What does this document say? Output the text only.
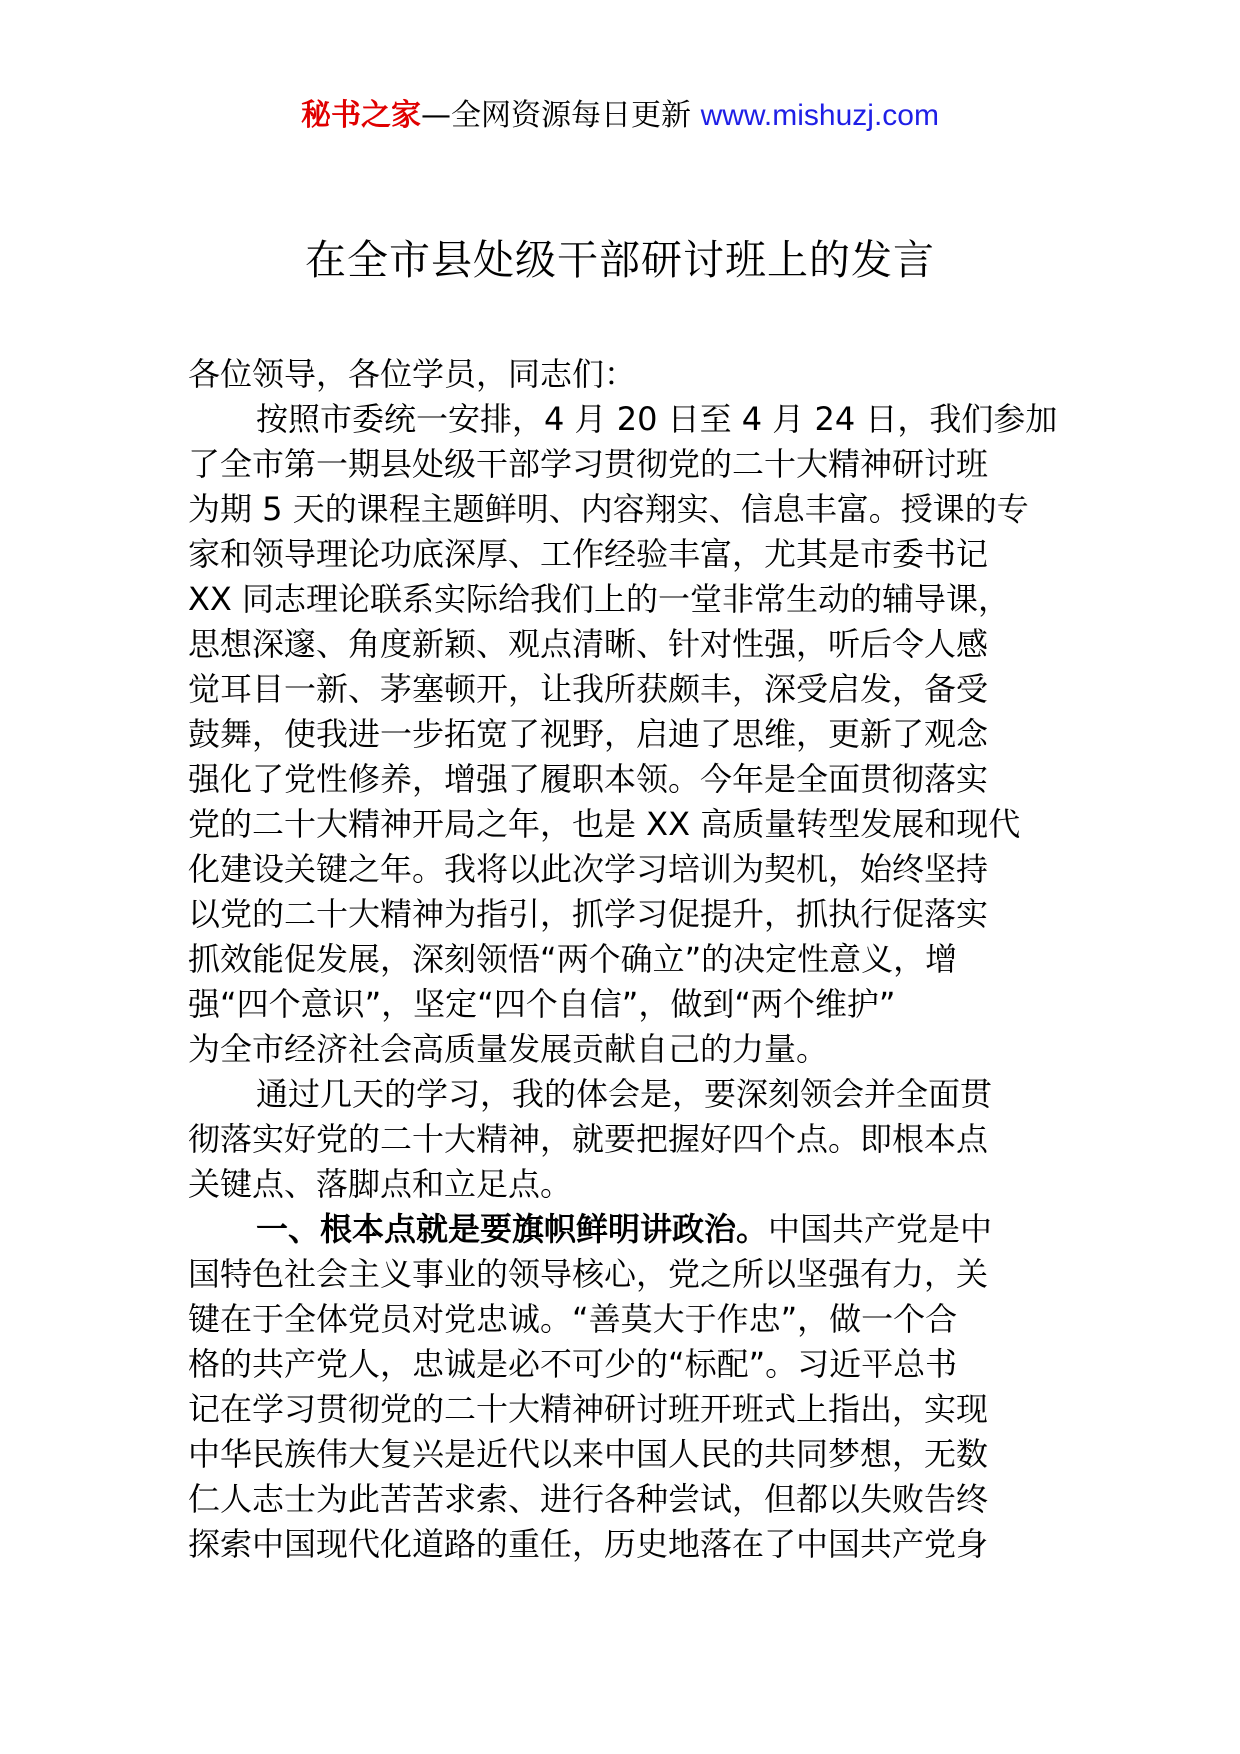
秘书之家—全网资源每日更新 www.mishuzj.com
在全市县处级干部研讨班上的发言
各位领导，各位学员，同志们：
按照市委统一安排，4 月 20 日至 4 月 24 日，我们参加
了全市第一期县处级干部学习贯彻党的二十大精神研讨班
为期 5 天的课程主题鲜明、内容翔实、信息丰富。授课的专
家和领导理论功底深厚、工作经验丰富，尤其是市委书记
XX 同志理论联系实际给我们上的一堂非常生动的辅导课，
思想深邃、角度新颖、观点清晰、针对性强，听后令人感
觉耳目一新、茅塞顿开，让我所获颇丰，深受启发，备受
鼓舞，使我进一步拓宽了视野，启迪了思维，更新了观念
强化了党性修养，增强了履职本领。今年是全面贯彻落实
党的二十大精神开局之年，也是 XX 高质量转型发展和现代
化建设关键之年。我将以此次学习培训为契机，始终坚持
以党的二十大精神为指引，抓学习促提升，抓执行促落实
抓效能促发展，深刻领悟“两个确立”的决定性意义，增
强“四个意识”，坚定“四个自信”，做到“两个维护”
为全市经济社会高质量发展贡献自己的力量。
通过几天的学习，我的体会是，要深刻领会并全面贯
彻落实好党的二十大精神，就要把握好四个点。即根本点
关键点、落脚点和立足点。
一、根本点就是要旗帜鲜明讲政治。中国共产党是中
国特色社会主义事业的领导核心，党之所以坚强有力，关
键在于全体党员对党忠诚。“善莫大于作忠”，做一个合
格的共产党人，忠诚是必不可少的“标配”。习近平总书
记在学习贯彻党的二十大精神研讨班开班式上指出，实现
中华民族伟大复兴是近代以来中国人民的共同梦想，无数
仁人志士为此苦苦求索、进行各种尝试，但都以失败告终
探索中国现代化道路的重任，历史地落在了中国共产党身
